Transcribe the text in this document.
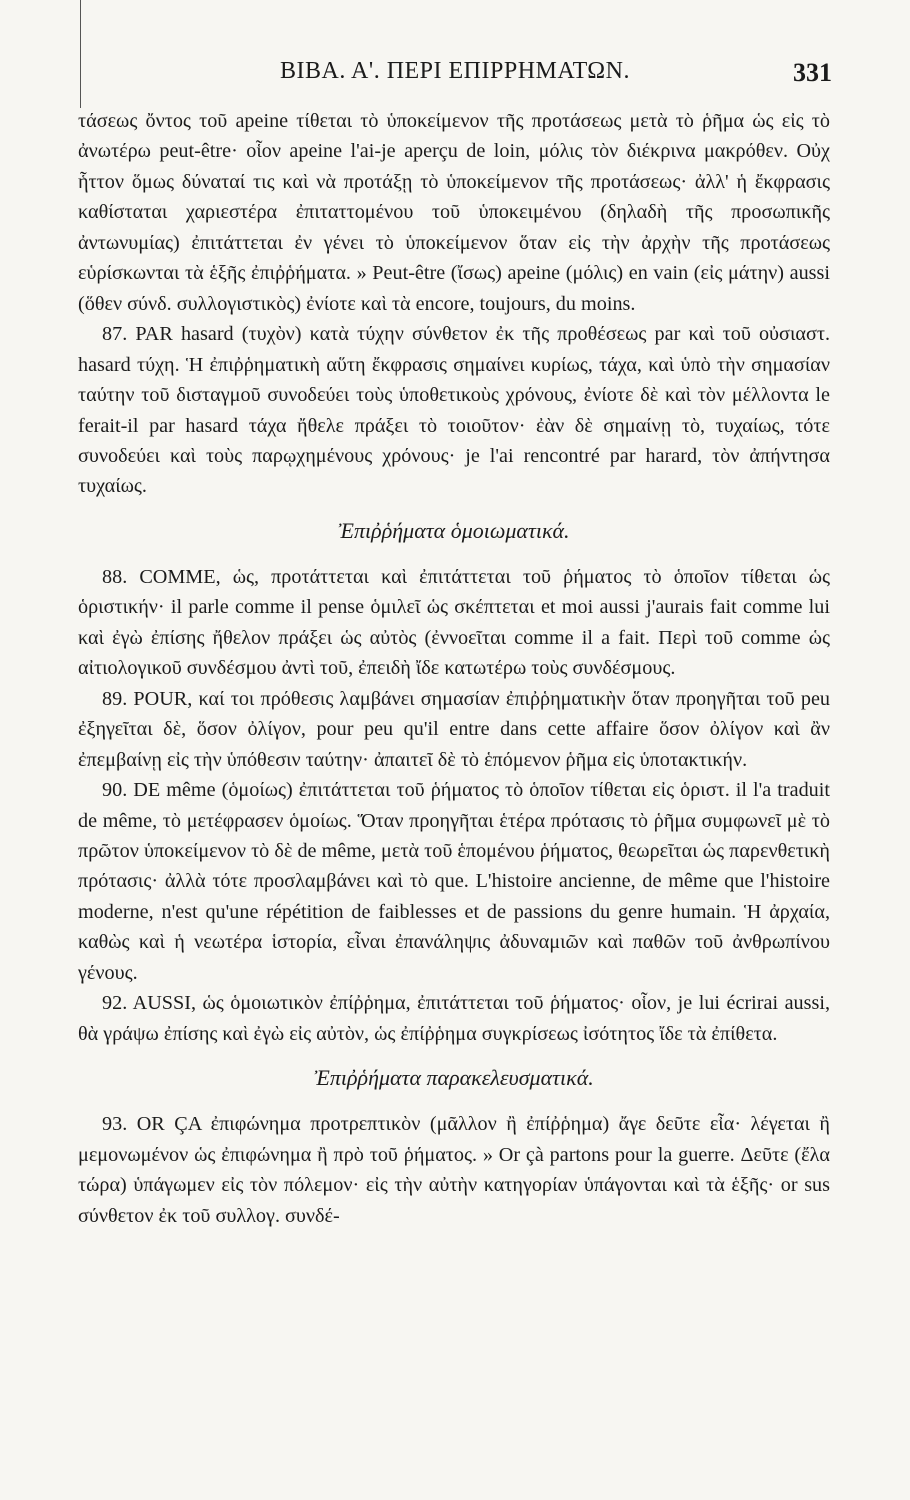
BIBA. A'. ΠΕΡΙ ΕΠΙΡΡΗΜΑΤΩΝ.	331

τάσεως ὄντος τοῦ apeine τίθεται τὸ ὑποκείμενον τῆς προτάσεως μετὰ τὸ ῥῆμα ὡς εἰς τὸ ἀνωτέρω peut-être· οἷον apeine l'ai-je aperçu de loin, μόλις τὸν διέκρινα μακρόθεν. Οὐχ ἧττον ὅμως δύναταί τις καὶ νὰ προτάξῃ τὸ ὑποκείμενον τῆς προτάσεως· ἀλλ' ἡ ἔκφρασις καθίσταται χαριεστέρα ἐπιταττομένου τοῦ ὑποκειμένου (δηλαδὴ τῆς προσωπικῆς ἀντωνυμίας) ἐπιτάττεται ἐν γένει τὸ ὑποκείμενον ὅταν εἰς τὴν ἀρχὴν τῆς προτάσεως εὑρίσκωνται τὰ ἑξῆς ἐπιῤῥήματα. » Peut-être (ἴσως) apeine (μόλις) en vain (εἰς μάτην) aussi (ὅθεν σύνδ. συλλογιστικὸς) ἐνίοτε καὶ τὰ encore, toujours, du moins.

87. PAR hasard (τυχὸν) κατὰ τύχην σύνθετον ἐκ τῆς προθέσεως par καὶ τοῦ οὐσιαστ. hasard τύχη. Ἡ ἐπιῤῥηματικὴ αὕτη ἔκφρασις σημαίνει κυρίως, τάχα, καὶ ὑπὸ τὴν σημασίαν ταύτην τοῦ δισταγμοῦ συνοδεύει τοὺς ὑποθετικοὺς χρόνους, ἐνίοτε δὲ καὶ τὸν μέλλοντα le ferait-il par hasard τάχα ἤθελε πράξει τὸ τοιοῦτον· ἐὰν δὲ σημαίνῃ τὸ, τυχαίως, τότε συνοδεύει καὶ τοὺς παρῳχημένους χρόνους· je l'ai rencontré par harard, τὸν ἀπήντησα τυχαίως.

Ἐπιῤῥήματα ὁμοιωματικά.

88. COMME, ὡς, προτάττεται καὶ ἐπιτάττεται τοῦ ῥήματος τὸ ὁποῖον τίθεται ὡς ὁριστικήν· il parle comme il pense ὁμιλεῖ ὡς σκέπτεται et moi aussi j'aurais fait comme lui καὶ ἐγὼ ἐπίσης ἤθελον πράξει ὡς αὐτὸς (ἐννοεῖται comme il a fait. Περὶ τοῦ comme ὡς αἰτιολογικοῦ συνδέσμου ἀντὶ τοῦ, ἐπειδὴ ἴδε κατωτέρω τοὺς συνδέσμους.

89. POUR, καί τοι πρόθεσις λαμβάνει σημασίαν ἐπιῤῥηματικὴν ὅταν προηγῆται τοῦ peu ἐξηγεῖται δὲ, ὅσον ὀλίγον, pour peu qu'il entre dans cette affaire ὅσον ὀλίγον καὶ ἂν ἐπεμβαίνῃ εἰς τὴν ὑπόθεσιν ταύτην· ἀπαιτεῖ δὲ τὸ ἑπόμενον ῥῆμα εἰς ὑποτακτικήν.

90. DE même (ὁμοίως) ἐπιτάττεται τοῦ ῥήματος τὸ ὁποῖον τίθεται εἰς ὁριστ. il l'a traduit de même, τὸ μετέφρασεν ὁμοίως. Ὅταν προηγῆται ἑτέρα πρότασις τὸ ῥῆμα συμφωνεῖ μὲ τὸ πρῶτον ὑποκείμενον τὸ δὲ de même, μετὰ τοῦ ἑπομένου ῥήματος, θεωρεῖται ὡς παρενθετικὴ πρότασις· ἀλλὰ τότε προσλαμβάνει καὶ τὸ que. L'histoire ancienne, de même que l'histoire moderne, n'est qu'une répétition de faiblesses et de passions du genre humain. Ἡ ἀρχαία, καθὼς καὶ ἡ νεωτέρα ἱστορία, εἶναι ἐπανάληψις ἀδυναμιῶν καὶ παθῶν τοῦ ἀνθρωπίνου γένους.

92. AUSSI, ὡς ὁμοιωτικὸν ἐπίῤῥημα, ἐπιτάττεται τοῦ ῥήματος· οἷον, je lui écrirai aussi, θὰ γράψω ἐπίσης καὶ ἐγὼ εἰς αὐτὸν, ὡς ἐπίῤῥημα συγκρίσεως ἰσότητος ἴδε τὰ ἐπίθετα.

Ἐπιῤῥήματα παρακελευσματικά.

93. OR ÇA ἐπιφώνημα προτρεπτικὸν (μᾶλλον ἢ ἐπίῤῥημα) ἄγε δεῦτε εἶα· λέγεται ἢ μεμονωμένον ὡς ἐπιφώνημα ἢ πρὸ τοῦ ῥήματος. » Or çà partons pour la guerre. Δεῦτε (ἔλα τώρα) ὑπάγωμεν εἰς τὸν πόλεμον· εἰς τὴν αὐτὴν κατηγορίαν ὑπάγονται καὶ τὰ ἑξῆς· or sus σύνθετον ἐκ τοῦ συλλογ. συνδέ-
